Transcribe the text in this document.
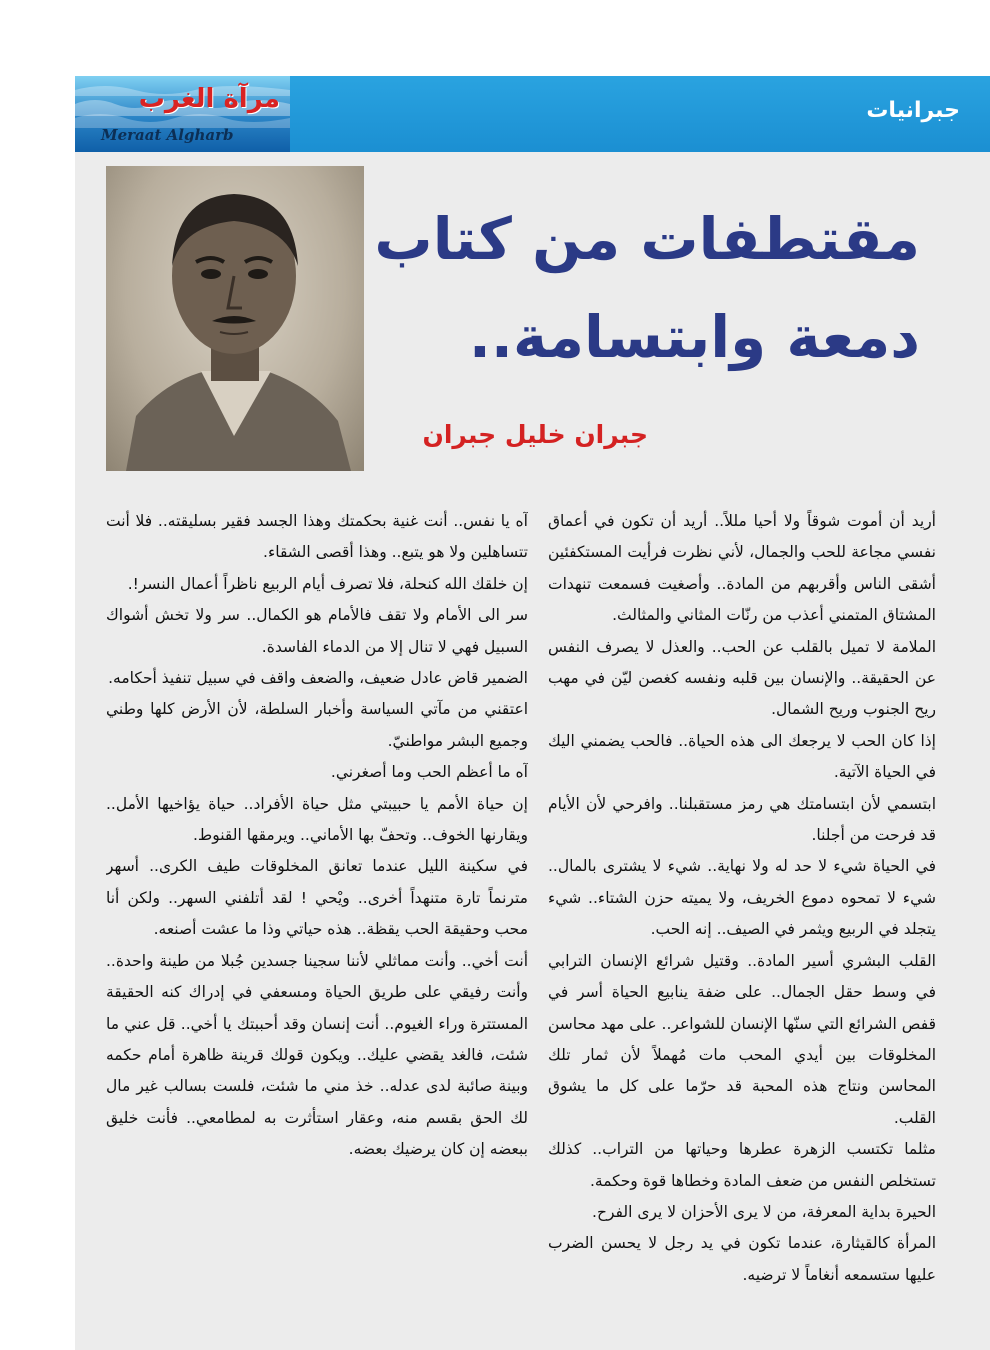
مرآة الغرب
Meraat Algharb
جبرانيات
مقتطفات من كتاب
دمعة وابتسامة..
جبران خليل جبران

أريد أن أموت شوقاً ولا أحيا مللاً.. أريد أن تكون في أعماق نفسي مجاعة للحب والجمال، لأني نظرت فرأيت المستكفئين أشقى الناس وأقربهم من المادة.. وأصغيت فسمعت تنهدات المشتاق المتمني أعذب من رنّات المثاني والمثالث.

الملامة لا تميل بالقلب عن الحب.. والعذل لا يصرف النفس عن الحقيقة.. والإنسان بين قلبه ونفسه كغصن ليّن في مهب ريح الجنوب وريح الشمال.

إذا كان الحب لا يرجعك الى هذه الحياة.. فالحب يضمني اليك في الحياة الآتية.

ابتسمي لأن ابتسامتك هي رمز مستقبلنا.. وافرحي لأن الأيام قد فرحت من أجلنا.

في الحياة شيء لا حد له ولا نهاية.. شيء لا يشترى بالمال.. شيء لا تمحوه دموع الخريف، ولا يميته حزن الشتاء.. شيء يتجلد في الربيع ويثمر في الصيف.. إنه الحب.

القلب البشري أسير المادة.. وقتيل شرائع الإنسان الترابي في وسط حقل الجمال.. على ضفة ينابيع الحياة أسر في قفص الشرائع التي سنّها الإنسان للشواعر.. على مهد محاسن المخلوقات بين أيدي المحب مات مُهملاً لأن ثمار تلك المحاسن ونتاج هذه المحبة قد حرّما على كل ما يشوق القلب.

مثلما تكتسب الزهرة عطرها وحياتها من التراب.. كذلك تستخلص النفس من ضعف المادة وخطاها قوة وحكمة.

الحيرة بداية المعرفة، من لا يرى الأحزان لا يرى الفرح.

المرأة كالقيثارة، عندما تكون في يد رجل لا يحسن الضرب عليها ستسمعه أنغاماً لا ترضيه.

آه يا نفس.. أنت غنية بحكمتك وهذا الجسد فقير بسليقته.. فلا أنت تتساهلين ولا هو يتبع.. وهذا أقصى الشقاء.

إن خلقك الله كنحلة، فلا تصرف أيام الربيع ناظراً أعمال النسر!.

سر الى الأمام ولا تقف فالأمام هو الكمال.. سر ولا تخش أشواك السبيل فهي لا تنال إلا من الدماء الفاسدة.

الضمير قاض عادل ضعيف، والضعف واقف في سبيل تنفيذ أحكامه.

اعتقني من مآتي السياسة وأخبار السلطة، لأن الأرض كلها وطني وجميع البشر مواطنيّ.

آه ما أعظم الحب وما أصغرني.

إن حياة الأمم يا حبيبتي مثل حياة الأفراد.. حياة يؤاخيها الأمل.. ويقارنها الخوف.. وتحفّ بها الأماني.. ويرمقها القنوط.

في سكينة الليل عندما تعانق المخلوقات طيف الكرى.. أسهر مترنماً تارة متنهداً أخرى.. ويْحي ! لقد أتلفني السهر.. ولكن أنا محب وحقيقة الحب يقظة.. هذه حياتي وذا ما عشت أصنعه.

أنت أخي.. وأنت مماثلي لأننا سجينا جسدين جُبلا من طينة واحدة.. وأنت رفيقي على طريق الحياة ومسعفي في إدراك كنه الحقيقة المستترة وراء الغيوم.. أنت إنسان وقد أحببتك يا أخي.. قل عني ما شئت، فالغد يقضي عليك.. ويكون قولك قرينة ظاهرة أمام حكمه وبينة صائبة لدى عدله.. خذ مني ما شئت، فلست بسالب غير مال لك الحق بقسم منه، وعقار استأثرت به لمطامعي.. فأنت خليق ببعضه إن كان يرضيك بعضه.
